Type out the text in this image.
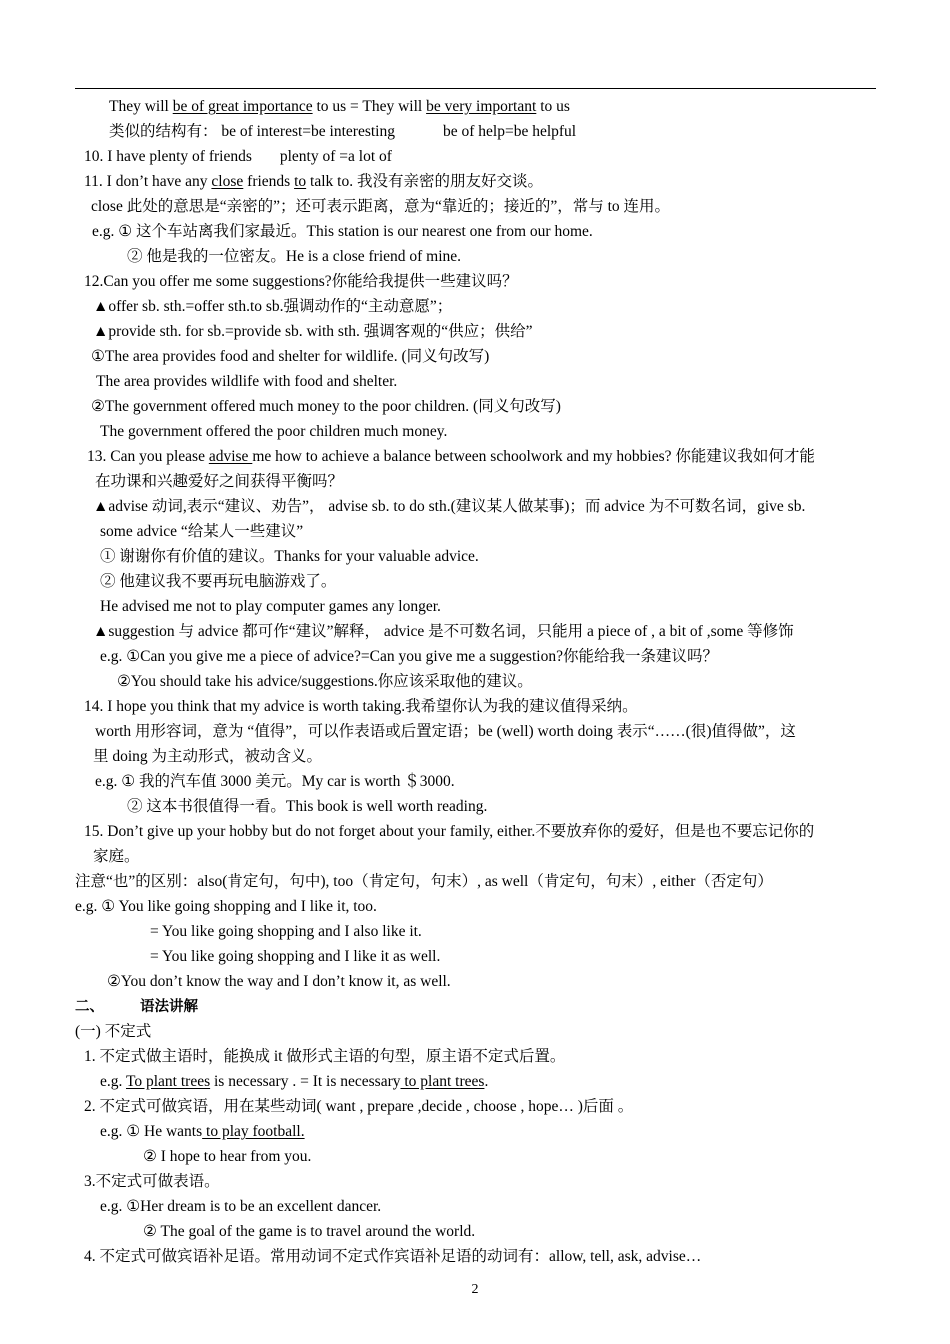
They will be of great importance to us = They will be very important to us
类似的结构有： be of interest=be interesting	be of help=be helpful
10. I have plenty of friends plenty of =a lot of
11. I don’t have any close friends to talk to. 我没有亲密的朋友好交谈。
close 此处的意思是“亲密的”；还可表示距离，意为“靠近的；接近的”，常与 to 连用。
e.g. ① 这个车站离我们家最近。This station is our nearest one from our home.
② 他是我的一位密友。He is a close friend of mine.
12.Can you offer me some suggestions?你能给我提供一些建议吗？
▲offer sb. sth.=offer sth.to sb.强调动作的“主动意愿”；
▲provide sth. for sb.=provide sb. with sth. 强调客观的“供应；供给”
①The area provides food and shelter for wildlife. (同义句改写)
The area provides wildlife with food and shelter.
②The government offered much money to the poor children. (同义句改写)
The government offered the poor children much money.
13. Can you please advise me how to achieve a balance between schoolwork and my hobbies? 你能建议我如何才能
在功课和兴趣爱好之间获得平衡吗？
▲advise 动词,表示“建议、劝告”， advise sb. to do sth.(建议某人做某事)；而 advice 为不可数名词，give sb.
some advice “给某人一些建议”
① 谢谢你有价值的建议。Thanks for your valuable advice.
② 他建议我不要再玩电脑游戏了。
He advised me not to play computer games any longer.
▲suggestion 与 advice 都可作“建议”解释， advice 是不可数名词，只能用 a piece of , a bit of ,some 等修饰
e.g. ①Can you give me a piece of advice?=Can you give me a suggestion?你能给我一条建议吗？
②You should take his advice/suggestions.你应该采取他的建议。
14. I hope you think that my advice is worth taking.我希望你认为我的建议值得采纳。
worth 用形容词，意为 “值得”，可以作表语或后置定语；be (well) worth doing 表示“……(很)值得做”，这
里 doing 为主动形式，被动含义。
e.g. ① 我的汽车值 3000 美元。My car is worth ＄3000.
② 这本书很值得一看。This book is well worth reading.
15. Don’t give up your hobby but do not forget about your family, either.不要放弃你的爱好，但是也不要忘记你的
家庭。
注意“也”的区别：also(肯定句，句中), too（肯定句，句末）, as well（肯定句，句末）, either（否定句）
e.g. ① You like going shopping and I like it, too.
= You like going shopping and I also like it.
= You like going shopping and I like it as well.
②You don’t know the way and I don’t know it, as well.
二、 语法讲解
(一) 不定式
1. 不定式做主语时，能换成 it 做形式主语的句型，原主语不定式后置。
e.g. To plant trees is necessary . = It is necessary to plant trees.
2. 不定式可做宾语，用在某些动词( want , prepare ,decide , choose , hope… )后面 。
e.g. ① He wants to play football.
② I hope to hear from you.
3.不定式可做表语。
e.g. ①Her dream is to be an excellent dancer.
② The goal of the game is to travel around the world.
4. 不定式可做宾语补足语。常用动词不定式作宾语补足语的动词有：allow, tell, ask, advise…
2
